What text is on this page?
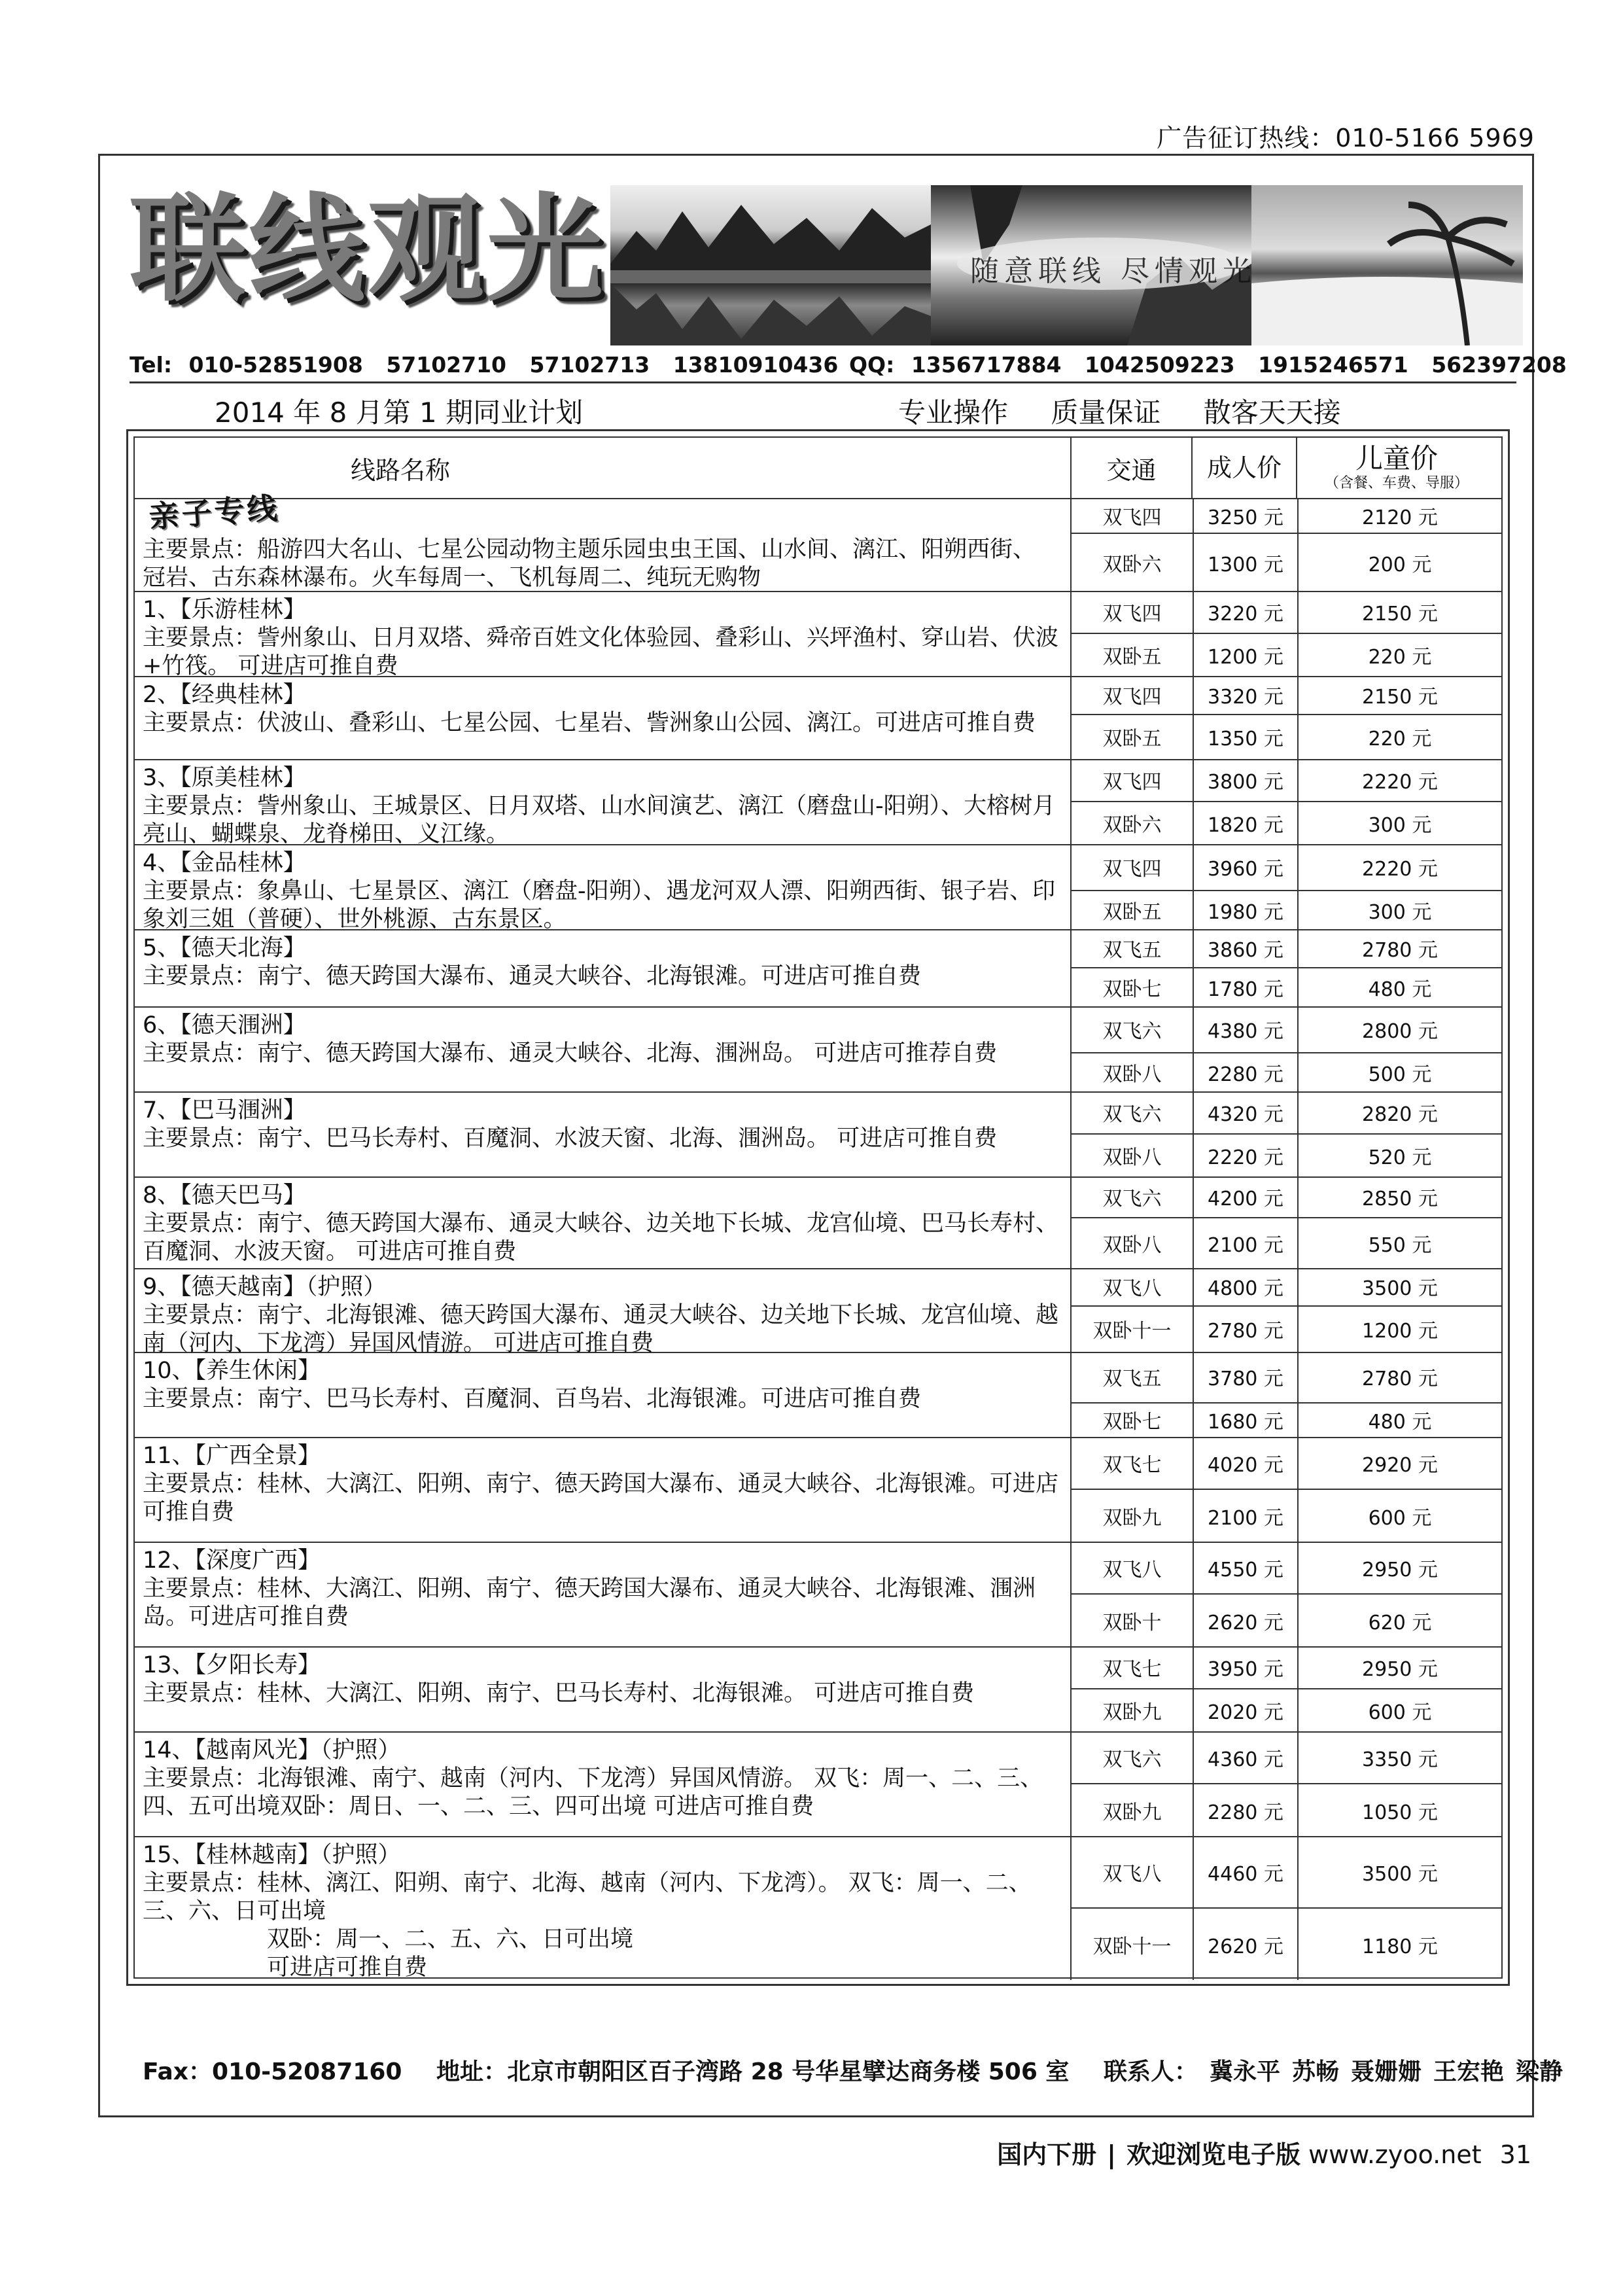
广告征订热线：010-5166 5969
联线观光	随意联线 尽情观光
Tel: 010-52851908 57102710 57102713 13810910436 QQ: 1356717884 1042509223 1915246571 562397208
2014 年 8 月第 1 期同业计划	专业操作 质量保证 散客天天接
线路名称	交通	成人价	儿童价
（含餐、车费、导服）
亲子专线
主要景点：船游四大名山、七星公园动物主题乐园虫虫王国、山水间、漓江、阳朔西街、 冠岩、古东森林瀑布。火车每周一、飞机每周二、纯玩无购物
双飞四	3250 元	2120 元
双卧六	1300 元	200 元
1、【乐游桂林】
主要景点：訾州象山、日月双塔、舜帝百姓文化体验园、叠彩山、兴坪渔村、穿山岩、伏波+竹筏。 可进店可推自费
双飞四	3220 元	2150 元
双卧五	1200 元	220 元
2、【经典桂林】
主要景点：伏波山、叠彩山、七星公园、七星岩、訾洲象山公园、漓江。可进店可推自费
双飞四	3320 元	2150 元
双卧五	1350 元	220 元
3、【原美桂林】
主要景点：訾州象山、王城景区、日月双塔、山水间演艺、漓江（磨盘山-阳朔）、大榕树月亮山、蝴蝶泉、龙脊梯田、义江缘。
双飞四	3800 元	2220 元
双卧六	1820 元	300 元
4、【金品桂林】
主要景点：象鼻山、七星景区、漓江（磨盘-阳朔）、遇龙河双人漂、阳朔西街、银子岩、印象刘三姐（普硬）、世外桃源、古东景区。
双飞四	3960 元	2220 元
双卧五	1980 元	300 元
5、【德天北海】
主要景点：南宁、德天跨国大瀑布、通灵大峡谷、北海银滩。可进店可推自费
双飞五	3860 元	2780 元
双卧七	1780 元	480 元
6、【德天涠洲】
主要景点：南宁、德天跨国大瀑布、通灵大峡谷、北海、涠洲岛。 可进店可推荐自费
双飞六	4380 元	2800 元
双卧八	2280 元	500 元
7、【巴马涠洲】
主要景点：南宁、巴马长寿村、百魔洞、水波天窗、北海、涠洲岛。 可进店可推自费
双飞六	4320 元	2820 元
双卧八	2220 元	520 元
8、【德天巴马】
主要景点：南宁、德天跨国大瀑布、通灵大峡谷、边关地下长城、龙宫仙境、巴马长寿村、百魔洞、水波天窗。 可进店可推自费
双飞六	4200 元	2850 元
双卧八	2100 元	550 元
9、【德天越南】（护照）
主要景点：南宁、北海银滩、德天跨国大瀑布、通灵大峡谷、边关地下长城、龙宫仙境、越南（河内、下龙湾）异国风情游。 可进店可推自费
双飞八	4800 元	3500 元
双卧十一	2780 元	1200 元
10、【养生休闲】
主要景点：南宁、巴马长寿村、百魔洞、百鸟岩、北海银滩。可进店可推自费
双飞五	3780 元	2780 元
双卧七	1680 元	480 元
11、【广西全景】
主要景点：桂林、大漓江、阳朔、南宁、德天跨国大瀑布、通灵大峡谷、北海银滩。可进店可推自费
双飞七	4020 元	2920 元
双卧九	2100 元	600 元
12、【深度广西】
主要景点：桂林、大漓江、阳朔、南宁、德天跨国大瀑布、通灵大峡谷、北海银滩、涠洲岛。可进店可推自费
双飞八	4550 元	2950 元
双卧十	2620 元	620 元
13、【夕阳长寿】
主要景点：桂林、大漓江、阳朔、南宁、巴马长寿村、北海银滩。 可进店可推自费
双飞七	3950 元	2950 元
双卧九	2020 元	600 元
14、【越南风光】（护照）
主要景点：北海银滩、南宁、越南（河内、下龙湾）异国风情游。 双飞：周一、二、三、四、五可出境双卧：周日、一、二、三、四可出境 可进店可推自费
双飞六	4360 元	3350 元
双卧九	2280 元	1050 元
15、【桂林越南】（护照）
主要景点：桂林、漓江、阳朔、南宁、北海、越南（河内、下龙湾）。 双飞：周一、二、三、六、日可出境
双卧：周一、二、五、六、日可出境
可进店可推自费
双飞八	4460 元	3500 元
双卧十一	2620 元	1180 元
Fax：010-52087160 地址：北京市朝阳区百子湾路 28 号华星擘达商务楼 506 室 联系人： 冀永平 苏畅 聂姗姗 王宏艳 梁静
国内下册 | 欢迎浏览电子版 www.zyoo.net 31
